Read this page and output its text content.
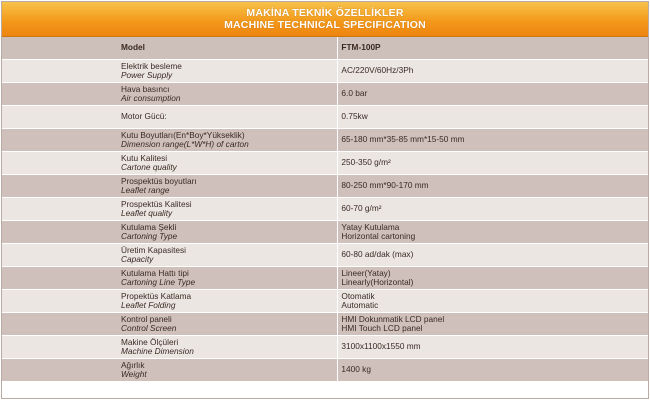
MAKİNA TEKNİK ÖZELLİKLER
MACHINE TECHNICAL SPECIFICATION
Model	FTM-100P

Elektrik besleme
Power Supply	AC/220V/60Hz/3Ph

Hava basıncı
Air consumption	6.0 bar

Motor Gücü:	0.75kw

Kutu Boyutları(En*Boy*Yükseklik)
Dimension range(L*W*H) of carton	65-180 mm*35-85 mm*15-50 mm

Kutu Kalitesi
Cartone quality	250-350 g/m²

Prospektüs boyutları
Leaflet range	80-250 mm*90-170 mm

Prospektüs Kalitesi
Leaflet quality	60-70 g/m²

Kutulama Şekli
Cartoning Type	Yatay Kutulama
Horizontal cartoning

Üretim Kapasitesi
Capacity	60-80 ad/dak (max)

Kutulama Hattı tipi
Cartoning Line Type	Lineer(Yatay)
Linearly(Horizontal)

Propektüs Katlama
Leaflet Folding	Otomatik
Automatic

Kontrol paneli
Control Screen	HMI Dokunmatik LCD panel
HMI Touch LCD panel

Makine Ölçüleri
Machine Dimension	3100x1100x1550 mm

Ağırlık
Weight	1400 kg
